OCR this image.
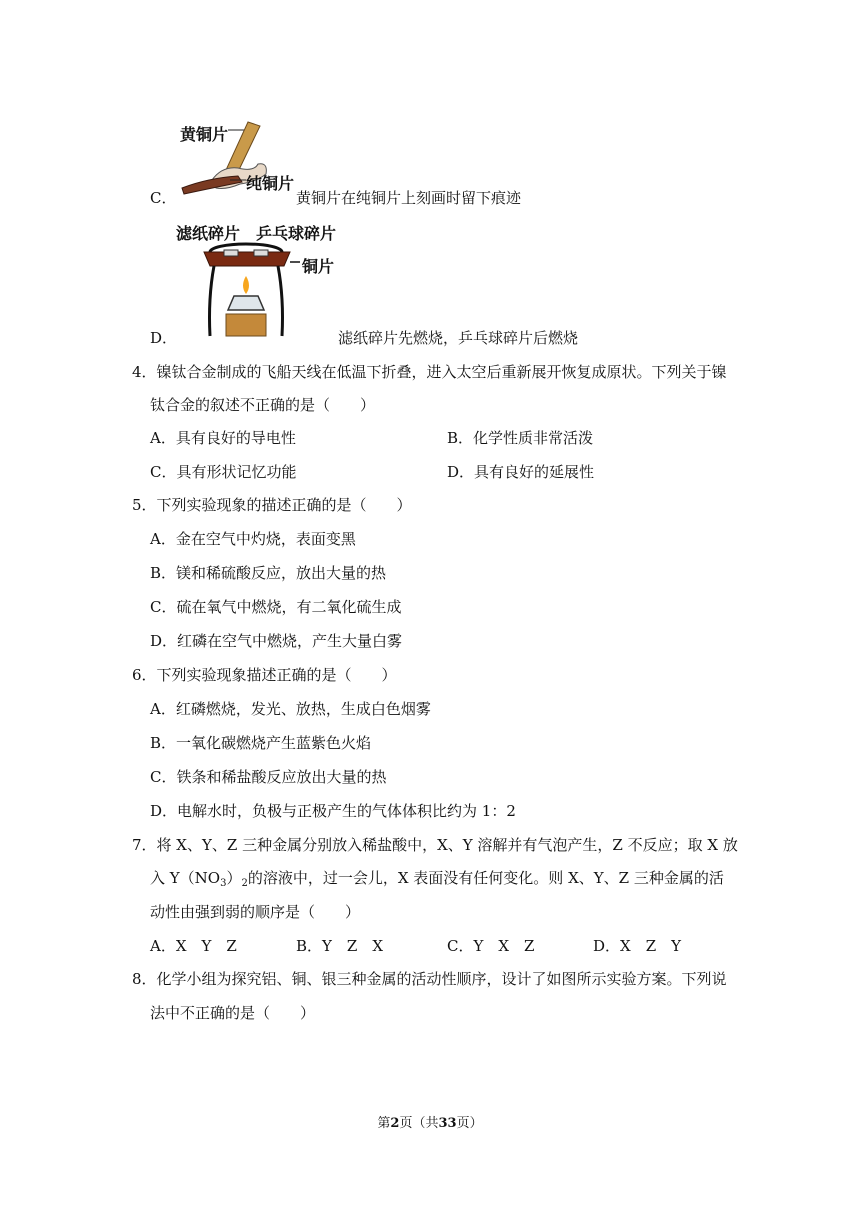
黄铜片
纯铜片
C．	黄铜片在纯铜片上刻画时留下痕迹
滤纸碎片 乒乓球碎片
铜片
D．	滤纸碎片先燃烧，乒乓球碎片后燃烧
4．镍钛合金制成的飞船天线在低温下折叠，进入太空后重新展开恢复成原状。下列关于镍
钛合金的叙述不正确的是（　　）
A．具有良好的导电性	B．化学性质非常活泼
C．具有形状记忆功能	D．具有良好的延展性
5．下列实验现象的描述正确的是（　　）
A．金在空气中灼烧，表面变黑
B．镁和稀硫酸反应，放出大量的热
C．硫在氧气中燃烧，有二氧化硫生成
D．红磷在空气中燃烧，产生大量白雾
6．下列实验现象描述正确的是（　　）
A．红磷燃烧，发光、放热，生成白色烟雾
B．一氧化碳燃烧产生蓝紫色火焰
C．铁条和稀盐酸反应放出大量的热
D．电解水时，负极与正极产生的气体体积比约为 1：2
7．将 X、Y、Z 三种金属分别放入稀盐酸中，X、Y 溶解并有气泡产生，Z 不反应；取 X 放
入 $Y(NO_3)_2$的溶液中，过一会儿，X 表面没有任何变化。则 X、Y、Z 三种金属的活
动性由强到弱的顺序是（　　）
A．X　Y　Z	B．Y　Z　X	C．Y　X　Z	D．X　Z　Y
8．化学小组为探究铝、铜、银三种金属的活动性顺序，设计了如图所示实验方案。下列说
法中不正确的是（　　）
第2页（共33页）
